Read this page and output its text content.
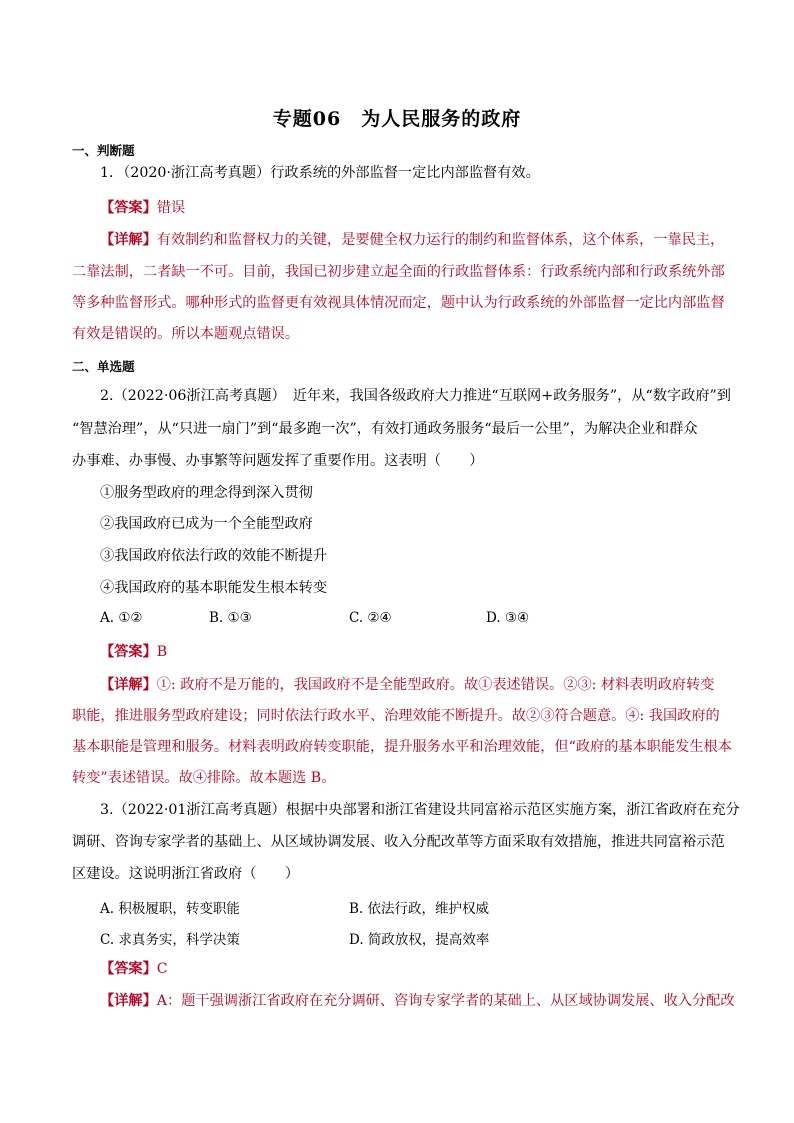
专题06　为人民服务的政府
一、判断题
1．（2020·浙江高考真题）行政系统的外部监督一定比内部监督有效。
【答案】错误
【详解】有效制约和监督权力的关键，是要健全权力运行的制约和监督体系，这个体系，一靠民主，
二靠法制，二者缺一不可。目前，我国已初步建立起全面的行政监督体系：行政系统内部和行政系统外部
等多种监督形式。哪种形式的监督更有效视具体情况而定，题中认为行政系统的外部监督一定比内部监督
有效是错误的。所以本题观点错误。
二、单选题
2.（2022·06浙江高考真题）　近年来，我国各级政府大力推进“互联网+政务服务”，从“数字政府”到
“智慧治理”，从“只进一扇门”到“最多跑一次”，有效打通政务服务“最后一公里”，为解决企业和群众
办事难、办事慢、办事繁等问题发挥了重要作用。这表明（　　）
①服务型政府的理念得到深入贯彻
②我国政府已成为一个全能型政府
③我国政府依法行政的效能不断提升
④我国政府的基本职能发生根本转变
A. ①②	B. ①③	C. ②④	D. ③④
【答案】B
【详解】①: 政府不是万能的，我国政府不是全能型政府。故①表述错误。②③: 材料表明政府转变
职能，推进服务型政府建设；同时依法行政水平、治理效能不断提升。故②③符合题意。④: 我国政府的
基本职能是管理和服务。材料表明政府转变职能，提升服务水平和治理效能，但“政府的基本职能发生根本
转变”表述错误。故④排除。故本题选 B。
3.（2022·01浙江高考真题）根据中央部署和浙江省建设共同富裕示范区实施方案，浙江省政府在充分
调研、咨询专家学者的基础上、从区域协调发展、收入分配改革等方面采取有效措施，推进共同富裕示范
区建设。这说明浙江省政府（　　）
A. 积极履职，转变职能	B. 依法行政，维护权威
C. 求真务实，科学决策	D. 简政放权，提高效率
【答案】C
【详解】A：题干强调浙江省政府在充分调研、咨询专家学者的某础上、从区域协调发展、收入分配改
